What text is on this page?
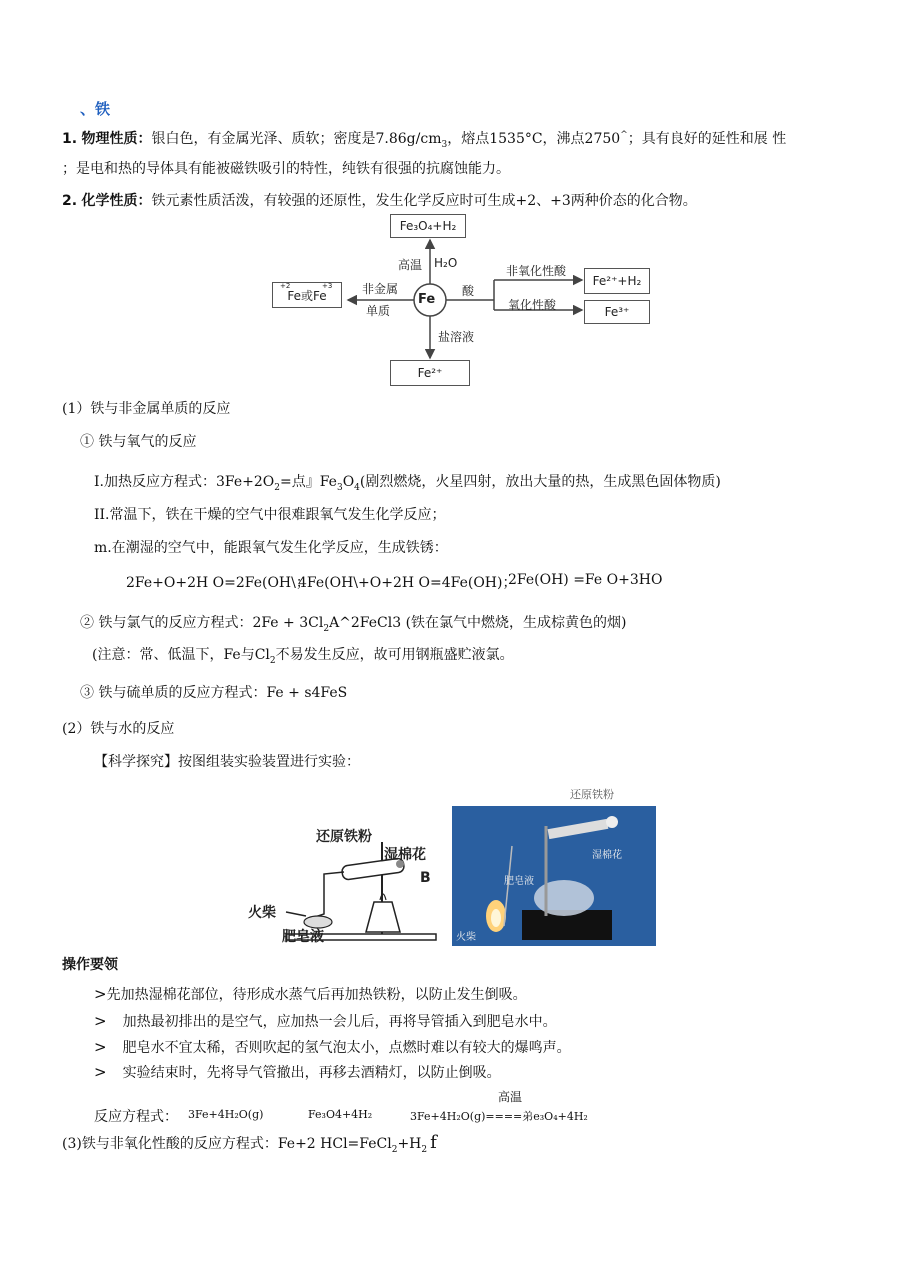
、铁
1. 物理性质：银白色，有金属光泽、质软；密度是$7.86g/cm_3$，熔点1535°C，沸点2750^；具有良好的延性和展 性
；是电和热的导体具有能被磁铁吸引的特性，纯铁有很强的抗腐蚀能力。
2. 化学性质：铁元素性质活泼，有较强的还原性，发生化学反应时可生成+2、+3两种价态的化合物。
Fe
Fe₃O₄+H₂
高温 H₂O
Fe或Fe
+2	+3 非金属
单质
酸
非氧化性酸
Fe²⁺+H₂
氧化性酸	Fe³⁺
盐溶液
Fe²⁺
(1）铁与非金属单质的反应
① 铁与氧气的反应
Ⅰ.加热反应方程式：$3Fe+2O_2=$点』$Fe_3O_4$(剧烈燃烧，火星四射，放出大量的热，生成黑色固体物质)
II.常温下，铁在干燥的空气中很难跟氧气发生化学反应；
m.在潮湿的空气中，能跟氧气发生化学反应，生成铁锈：
2Fe+O+2H O=2Fe(OH\；
4Fe(OH\+O+2H O=4Fe(OH)；
2Fe(OH) =Fe O+3HO
② 铁与氯气的反应方程式：$2Fe + 3Cl_2A\^{}2FeCl3$ (铁在氯气中燃烧，生成棕黄色的烟)
(注意：常、低温下，Fe与$Cl_2$不易发生反应，故可用钢瓶盛贮液氯。
③ 铁与硫单质的反应方程式：Fe + s4FeS
(2）铁与水的反应
【科学探究】按图组装实验装置进行实验：
还原铁粉
湿棉花
B
火柴
肥皂液
湿棉花
肥皂液
火柴
还原铁粉
操作要领
>先加热湿棉花部位，待形成水蒸气后再加热铁粉，以防止发生倒吸。
> 加热最初排出的是空气，应加热一会儿后，再将导管插入到肥皂水中。
> 肥皂水不宜太稀，否则吹起的氢气泡太小，点燃时难以有较大的爆鸣声。
> 实验结束时，先将导气管撤出，再移去酒精灯，以防止倒吸。
高温
反应方程式： 3Fe+4H₂O(g)	Fe₃O4+4H₂	3Fe+4H₂O(g)====弟e₃O₄+4H₂
(3)铁与非氧化性酸的反应方程式：Fe+2 $HCl=FeCl_2+H_2$ f
